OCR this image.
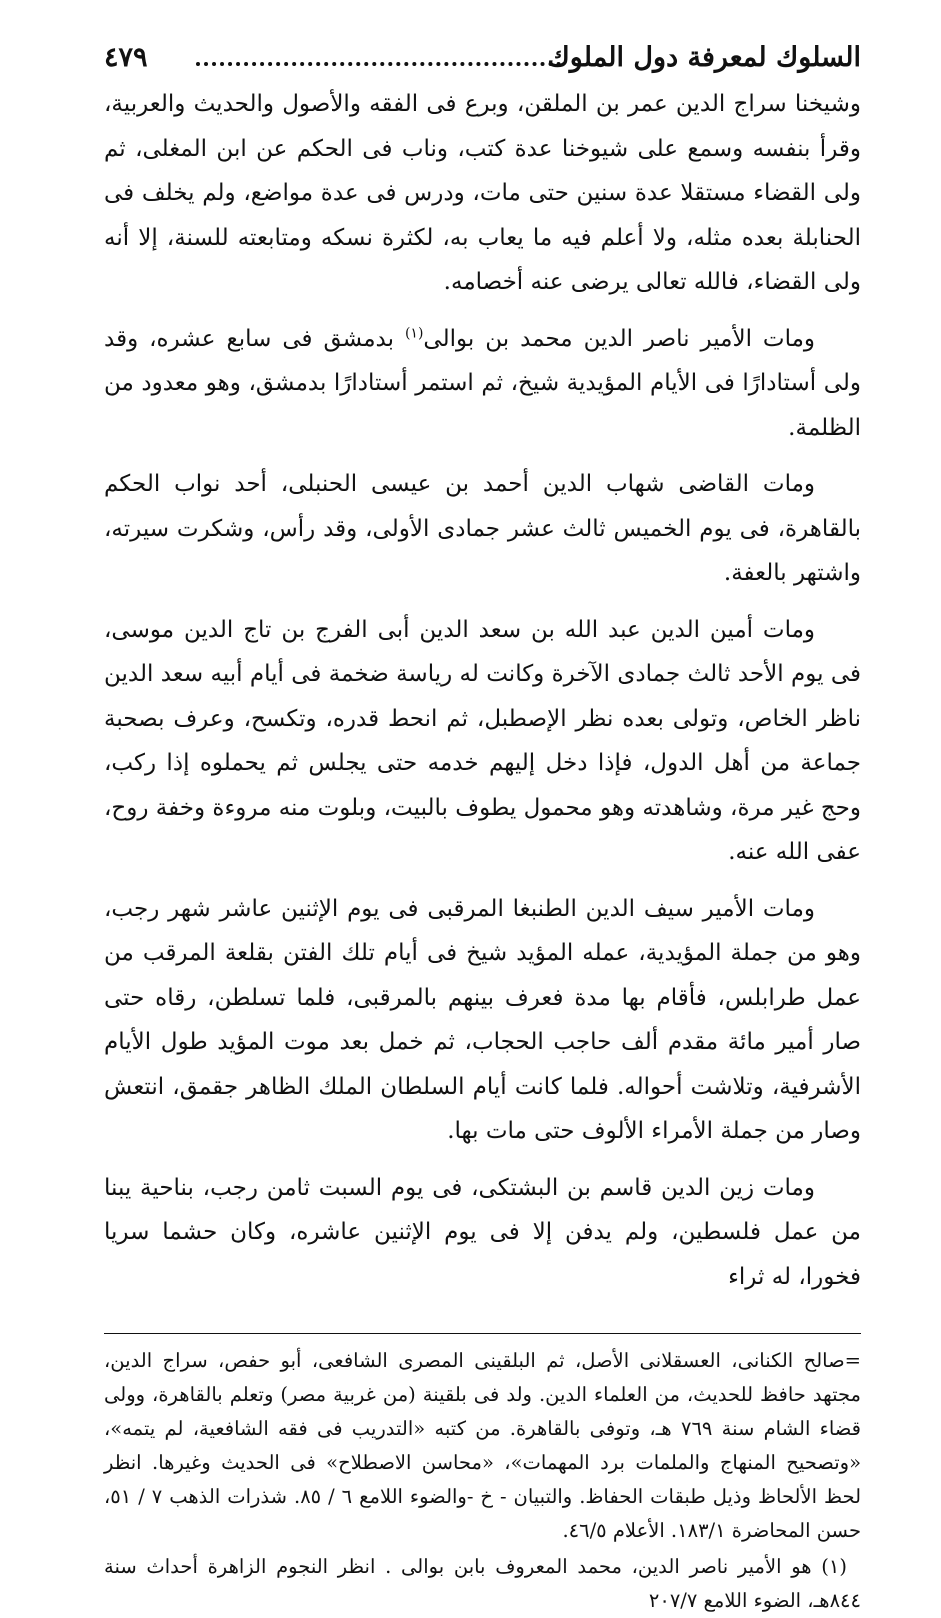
السلوك لمعرفة دول الملوك
٤٧٩

وشيخنا سراج الدين عمر بن الملقن، وبرع فى الفقه والأصول والحديث والعربية، وقرأ بنفسه وسمع على شيوخنا عدة كتب، وناب فى الحكم عن ابن المغلى، ثم ولى القضاء مستقلا عدة سنين حتى مات، ودرس فى عدة مواضع، ولم يخلف فى الحنابلة بعده مثله، ولا أعلم فيه ما يعاب به، لكثرة نسكه ومتابعته للسنة، إلا أنه ولى القضاء، فالله تعالى يرضى عنه أخصامه.

ومات الأمير ناصر الدين محمد بن بوالى$^{(١)}$ بدمشق فى سابع عشره، وقد ولى أستادارًا فى الأيام المؤيدية شيخ، ثم استمر أستادارًا بدمشق، وهو معدود من الظلمة.

ومات القاضى شهاب الدين أحمد بن عيسى الحنبلى، أحد نواب الحكم بالقاهرة، فى يوم الخميس ثالث عشر جمادى الأولى، وقد رأس، وشكرت سيرته، واشتهر بالعفة.

ومات أمين الدين عبد الله بن سعد الدين أبى الفرج بن تاج الدين موسى، فى يوم الأحد ثالث جمادى الآخرة وكانت له رياسة ضخمة فى أيام أبيه سعد الدين ناظر الخاص، وتولى بعده نظر الإصطبل، ثم انحط قدره، وتكسح، وعرف بصحبة جماعة من أهل الدول، فإذا دخل إليهم خدمه حتى يجلس ثم يحملوه إذا ركب، وحج غير مرة، وشاهدته وهو محمول يطوف بالبيت، وبلوت منه مروءة وخفة روح، عفى الله عنه.

ومات الأمير سيف الدين الطنبغا المرقبى فى يوم الإثنين عاشر شهر رجب، وهو من جملة المؤيدية، عمله المؤيد شيخ فى أيام تلك الفتن بقلعة المرقب من عمل طرابلس، فأقام بها مدة فعرف بينهم بالمرقبى، فلما تسلطن، رقاه حتى صار أمير مائة مقدم ألف حاجب الحجاب، ثم خمل بعد موت المؤيد طول الأيام الأشرفية، وتلاشت أحواله. فلما كانت أيام السلطان الملك الظاهر جقمق، انتعش وصار من جملة الأمراء الألوف حتى مات بها.

ومات زين الدين قاسم بن البشتكى، فى يوم السبت ثامن رجب، بناحية يبنا من عمل فلسطين، ولم يدفن إلا فى يوم الإثنين عاشره، وكان حشما سريا فخورا، له ثراء

=صالح الكنانى، العسقلانى الأصل، ثم البلقينى المصرى الشافعى، أبو حفص، سراج الدين، مجتهد حافظ للحديث، من العلماء الدين. ولد فى بلقينة (من غربية مصر) وتعلم بالقاهرة، وولى قضاء الشام سنة ٧٦٩ هـ، وتوفى بالقاهرة. من كتبه «التدريب فى فقه الشافعية، لم يتمه»، «وتصحيح المنهاج والملمات برد المهمات»، «محاسن الاصطلاح» فى الحديث وغيرها. انظر لحظ الألحاظ وذيل طبقات الحفاظ. والتبيان - خ -والضوء اللامع ٦ / ٨٥. شذرات الذهب ٧ / ٥١، حسن المحاضرة ١٨٣/١. الأعلام ٤٦/٥.

(١) هو الأمير ناصر الدين، محمد المعروف بابن بوالى . انظر النجوم الزاهرة أحداث سنة ٨٤٤هـ، الضوء اللامع ٢٠٧/٧
